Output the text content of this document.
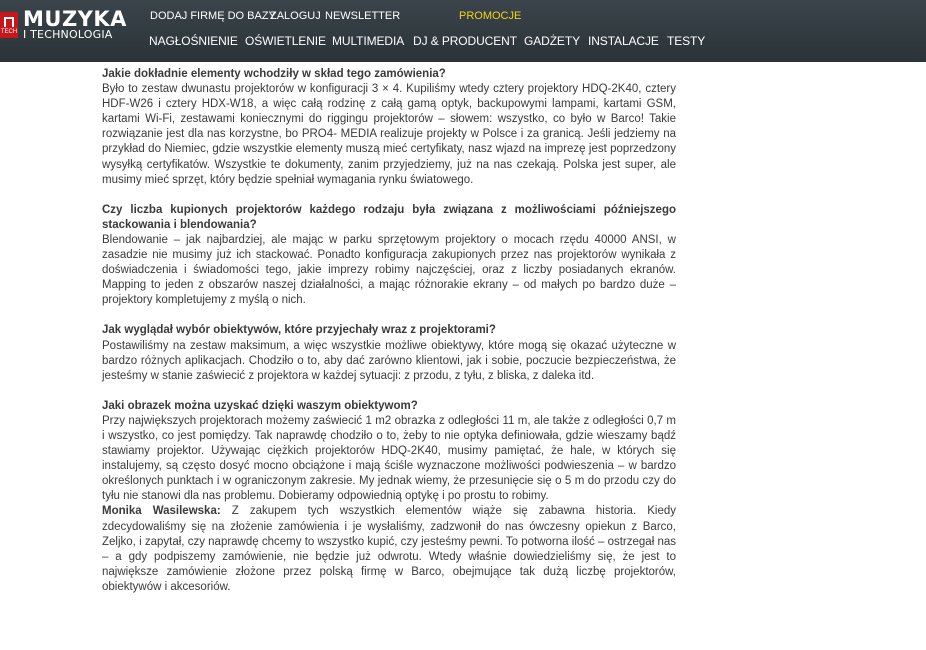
TECH
MUZYKA
I TECHNOLOGIA
DODAJ FIRMĘ DO BAZY
ZALOGUJ NEWSLETTER	PROMOCJE
NAGŁOŚNIENIE OŚWIETLENIE MULTIMEDIA DJ & PRODUCENT GADŻETY INSTALACJE TESTY
Jakie dokładnie elementy wchodziły w skład tego zamówienia?
Było to zestaw dwunastu projektorów w konfiguracji 3 × 4. Kupiliśmy wtedy cztery projektory HDQ-2K40, cztery HDF-W26 i cztery HDX-W18, a więc całą rodzinę z całą gamą optyk, backupowymi lampami, kartami GSM, kartami Wi-Fi, zestawami koniecznymi do riggingu projektorów – słowem: wszystko, co było w Barco! Takie rozwiązanie jest dla nas korzystne, bo PRO4- MEDIA realizuje projekty w Polsce i za granicą. Jeśli jedziemy na przykład do Niemiec, gdzie wszystkie elementy muszą mieć certyfikaty, nasz wjazd na imprezę jest poprzedzony wysyłką certyfikatów. Wszystkie te dokumenty, zanim przyjedziemy, już na nas czekają. Polska jest super, ale musimy mieć sprzęt, który będzie spełniał wymagania rynku światowego.
Czy liczba kupionych projektorów każdego rodzaju była związana z możliwościami późniejszego stackowania i blendowania?
Blendowanie – jak najbardziej, ale mając w parku sprzętowym projektory o mocach rzędu 40000 ANSI, w zasadzie nie musimy już ich stackować. Ponadto konfiguracja zakupionych przez nas projektorów wynikała z doświadczenia i świadomości tego, jakie imprezy robimy najczęściej, oraz z liczby posiadanych ekranów. Mapping to jeden z obszarów naszej działalności, a mając różnorakie ekrany – od małych po bardzo duże – projektory kompletujemy z myślą o nich.
Jak wyglądał wybór obiektywów, które przyjechały wraz z projektorami?
Postawiliśmy na zestaw maksimum, a więc wszystkie możliwe obiektywy, które mogą się okazać użyteczne w bardzo różnych aplikacjach. Chodziło o to, aby dać zarówno klientowi, jak i sobie, poczucie bezpieczeństwa, że jesteśmy w stanie zaświecić z projektora w każdej sytuacji: z przodu, z tyłu, z bliska, z daleka itd.
Jaki obrazek można uzyskać dzięki waszym obiektywom?
Przy największych projektorach możemy zaświecić 1 m2 obrazka z odległości 11 m, ale także z odległości 0,7 m i wszystko, co jest pomiędzy. Tak naprawdę chodziło o to, żeby to nie optyka definiowała, gdzie wieszamy bądź stawiamy projektor. Używając ciężkich projektorów HDQ-2K40, musimy pamiętać, że hale, w których się instalujemy, są często dosyć mocno obciążone i mają ściśle wyznaczone możliwości podwieszenia – w bardzo określonych punktach i w ograniczonym zakresie. My jednak wiemy, że przesunięcie się o 5 m do przodu czy do tyłu nie stanowi dla nas problemu. Dobieramy odpowiednią optykę i po prostu to robimy.
Monika Wasilewska: Z zakupem tych wszystkich elementów wiąże się zabawna historia. Kiedy zdecydowaliśmy się na złożenie zamówienia i je wysłaliśmy, zadzwonił do nas ówczesny opiekun z Barco, Zeljko, i zapytał, czy naprawdę chcemy to wszystko kupić, czy jesteśmy pewni. To potworna ilość – ostrzegał nas – a gdy podpiszemy zamówienie, nie będzie już odwrotu. Wtedy właśnie dowiedzieliśmy się, że jest to największe zamówienie złożone przez polską firmę w Barco, obejmujące tak dużą liczbę projektorów, obiektywów i akcesoriów.
